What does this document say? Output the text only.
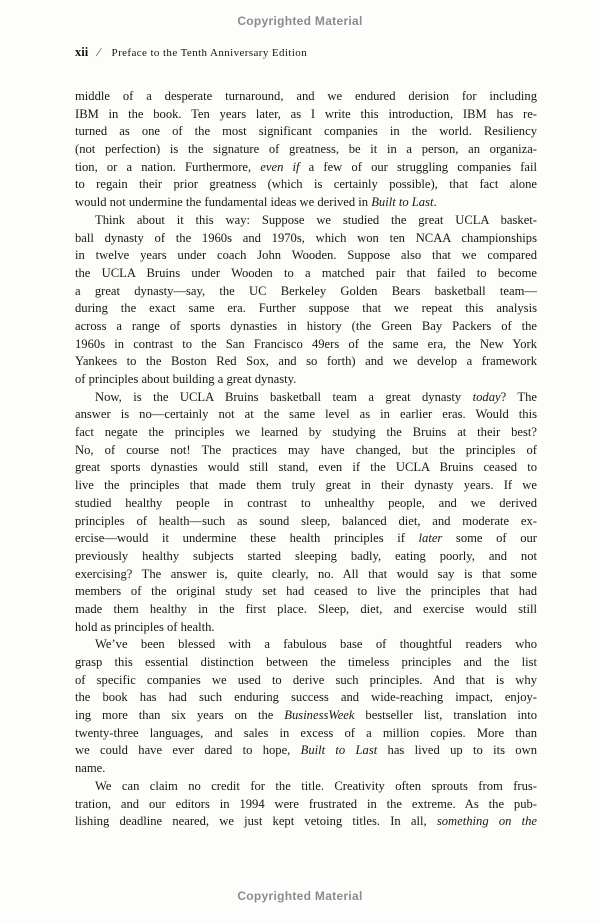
Copyrighted Material
xii / Preface to the Tenth Anniversary Edition
middle of a desperate turnaround, and we endured derision for including
IBM in the book. Ten years later, as I write this introduction, IBM has re-
turned as one of the most significant companies in the world. Resiliency
(not perfection) is the signature of greatness, be it in a person, an organiza-
tion, or a nation. Furthermore, even if a few of our struggling companies fail
to regain their prior greatness (which is certainly possible), that fact alone
would not undermine the fundamental ideas we derived in Built to Last.
Think about it this way: Suppose we studied the great UCLA basket-
ball dynasty of the 1960s and 1970s, which won ten NCAA championships
in twelve years under coach John Wooden. Suppose also that we compared
the UCLA Bruins under Wooden to a matched pair that failed to become
a great dynasty—say, the UC Berkeley Golden Bears basketball team—
during the exact same era. Further suppose that we repeat this analysis
across a range of sports dynasties in history (the Green Bay Packers of the
1960s in contrast to the San Francisco 49ers of the same era, the New York
Yankees to the Boston Red Sox, and so forth) and we develop a framework
of principles about building a great dynasty.
Now, is the UCLA Bruins basketball team a great dynasty today? The
answer is no—certainly not at the same level as in earlier eras. Would this
fact negate the principles we learned by studying the Bruins at their best?
No, of course not! The practices may have changed, but the principles of
great sports dynasties would still stand, even if the UCLA Bruins ceased to
live the principles that made them truly great in their dynasty years. If we
studied healthy people in contrast to unhealthy people, and we derived
principles of health—such as sound sleep, balanced diet, and moderate ex-
ercise—would it undermine these health principles if later some of our
previously healthy subjects started sleeping badly, eating poorly, and not
exercising? The answer is, quite clearly, no. All that would say is that some
members of the original study set had ceased to live the principles that had
made them healthy in the first place. Sleep, diet, and exercise would still
hold as principles of health.
We’ve been blessed with a fabulous base of thoughtful readers who
grasp this essential distinction between the timeless principles and the list
of specific companies we used to derive such principles. And that is why
the book has had such enduring success and wide-reaching impact, enjoy-
ing more than six years on the BusinessWeek bestseller list, translation into
twenty-three languages, and sales in excess of a million copies. More than
we could have ever dared to hope, Built to Last has lived up to its own
name.
We can claim no credit for the title. Creativity often sprouts from frus-
tration, and our editors in 1994 were frustrated in the extreme. As the pub-
lishing deadline neared, we just kept vetoing titles. In all, something on the
Copyrighted Material
